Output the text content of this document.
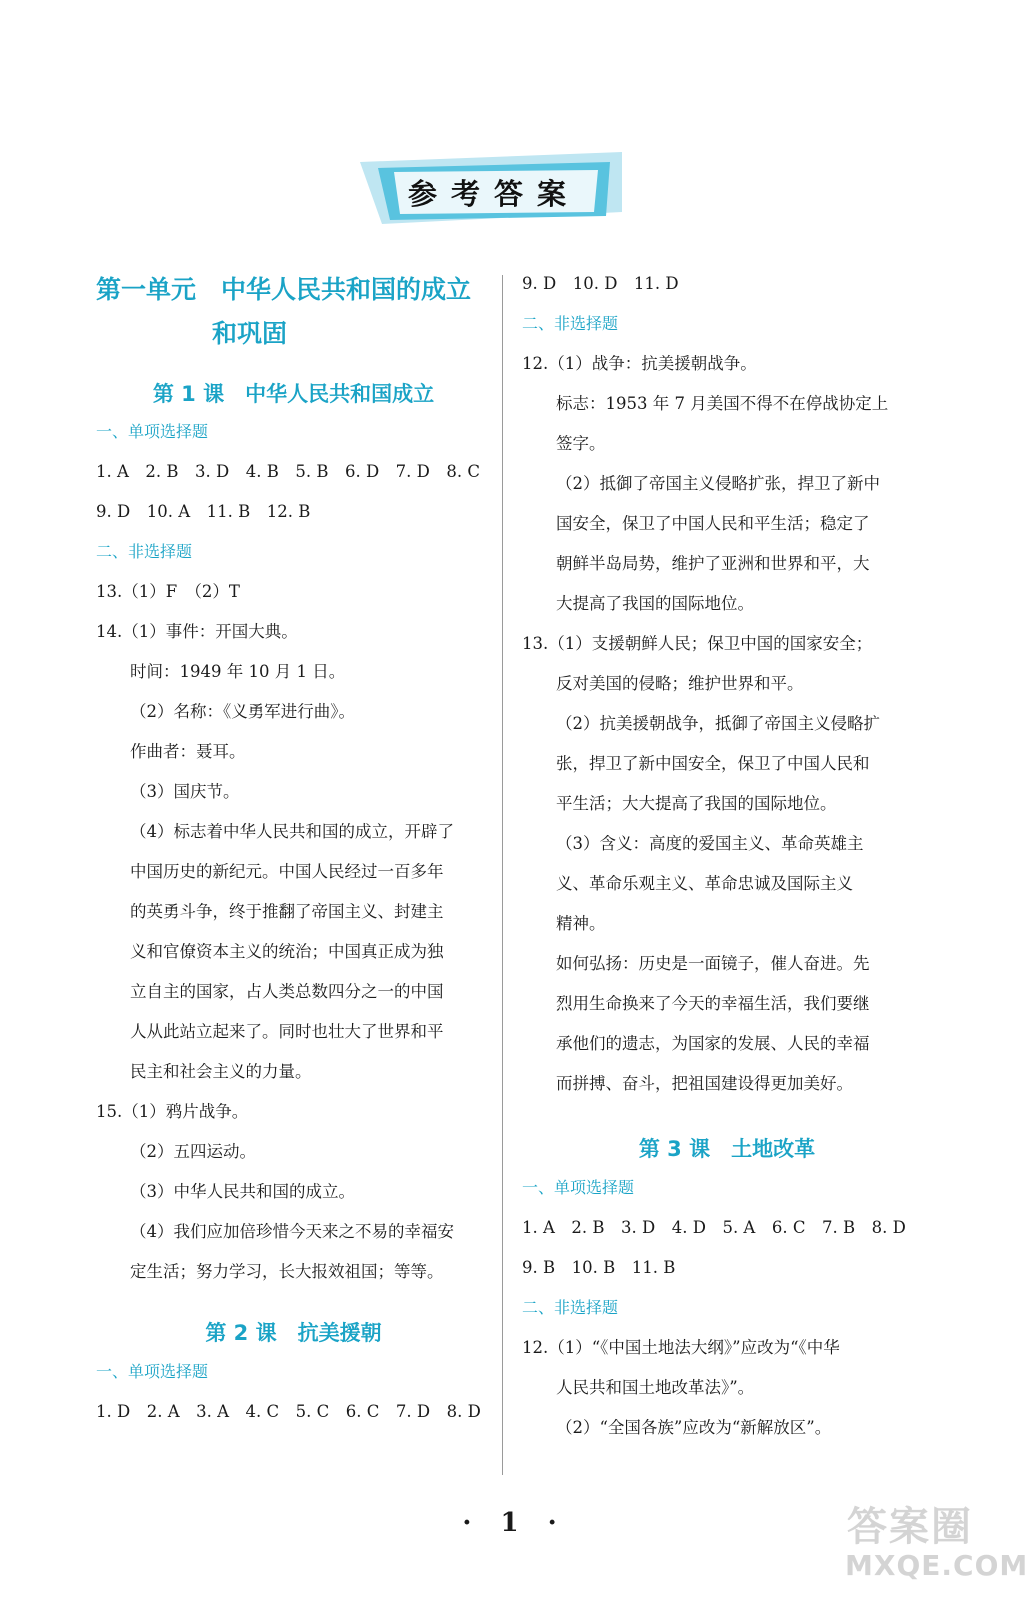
参考答案
第一单元　中华人民共和国的成立
和巩固
第 1 课　中华人民共和国成立
一、单项选择题
1. A　2. B　3. D　4. B　5. B　6. D　7. D　8. C
9. D　10. A　11. B　12. B
二、非选择题
13.（1）F　（2）T
14.（1）事件：开国大典。
时间：1949 年 10 月 1 日。
（2）名称：《义勇军进行曲》。
作曲者：聂耳。
（3）国庆节。
（4）标志着中华人民共和国的成立，开辟了
中国历史的新纪元。中国人民经过一百多年
的英勇斗争，终于推翻了帝国主义、封建主
义和官僚资本主义的统治；中国真正成为独
立自主的国家，占人类总数四分之一的中国
人从此站立起来了。同时也壮大了世界和平
民主和社会主义的力量。
15.（1）鸦片战争。
（2）五四运动。
（3）中华人民共和国的成立。
（4）我们应加倍珍惜今天来之不易的幸福安
定生活；努力学习，长大报效祖国；等等。
第 2 课　抗美援朝
一、单项选择题
1. D　2. A　3. A　4. C　5. C　6. C　7. D　8. D
9. D　10. D　11. D
二、非选择题
12.（1）战争：抗美援朝战争。
标志：1953 年 7 月美国不得不在停战协定上
签字。
（2）抵御了帝国主义侵略扩张，捍卫了新中
国安全，保卫了中国人民和平生活；稳定了
朝鲜半岛局势，维护了亚洲和世界和平，大
大提高了我国的国际地位。
13.（1）支援朝鲜人民；保卫中国的国家安全；
反对美国的侵略；维护世界和平。
（2）抗美援朝战争，抵御了帝国主义侵略扩
张，捍卫了新中国安全，保卫了中国人民和
平生活；大大提高了我国的国际地位。
（3）含义：高度的爱国主义、革命英雄主
义、革命乐观主义、革命忠诚及国际主义
精神。
如何弘扬：历史是一面镜子，催人奋进。先
烈用生命换来了今天的幸福生活，我们要继
承他们的遗志，为国家的发展、人民的幸福
而拼搏、奋斗，把祖国建设得更加美好。
第 3 课　土地改革
一、单项选择题
1. A　2. B　3. D　4. D　5. A　6. C　7. B　8. D
9. B　10. B　11. B
二、非选择题
12.（1）“《中国土地法大纲》”应改为“《中华
人民共和国土地改革法》”。
（2）“全国各族”应改为“新解放区”。
· 1 ·	答案圈
MXQE.COM
